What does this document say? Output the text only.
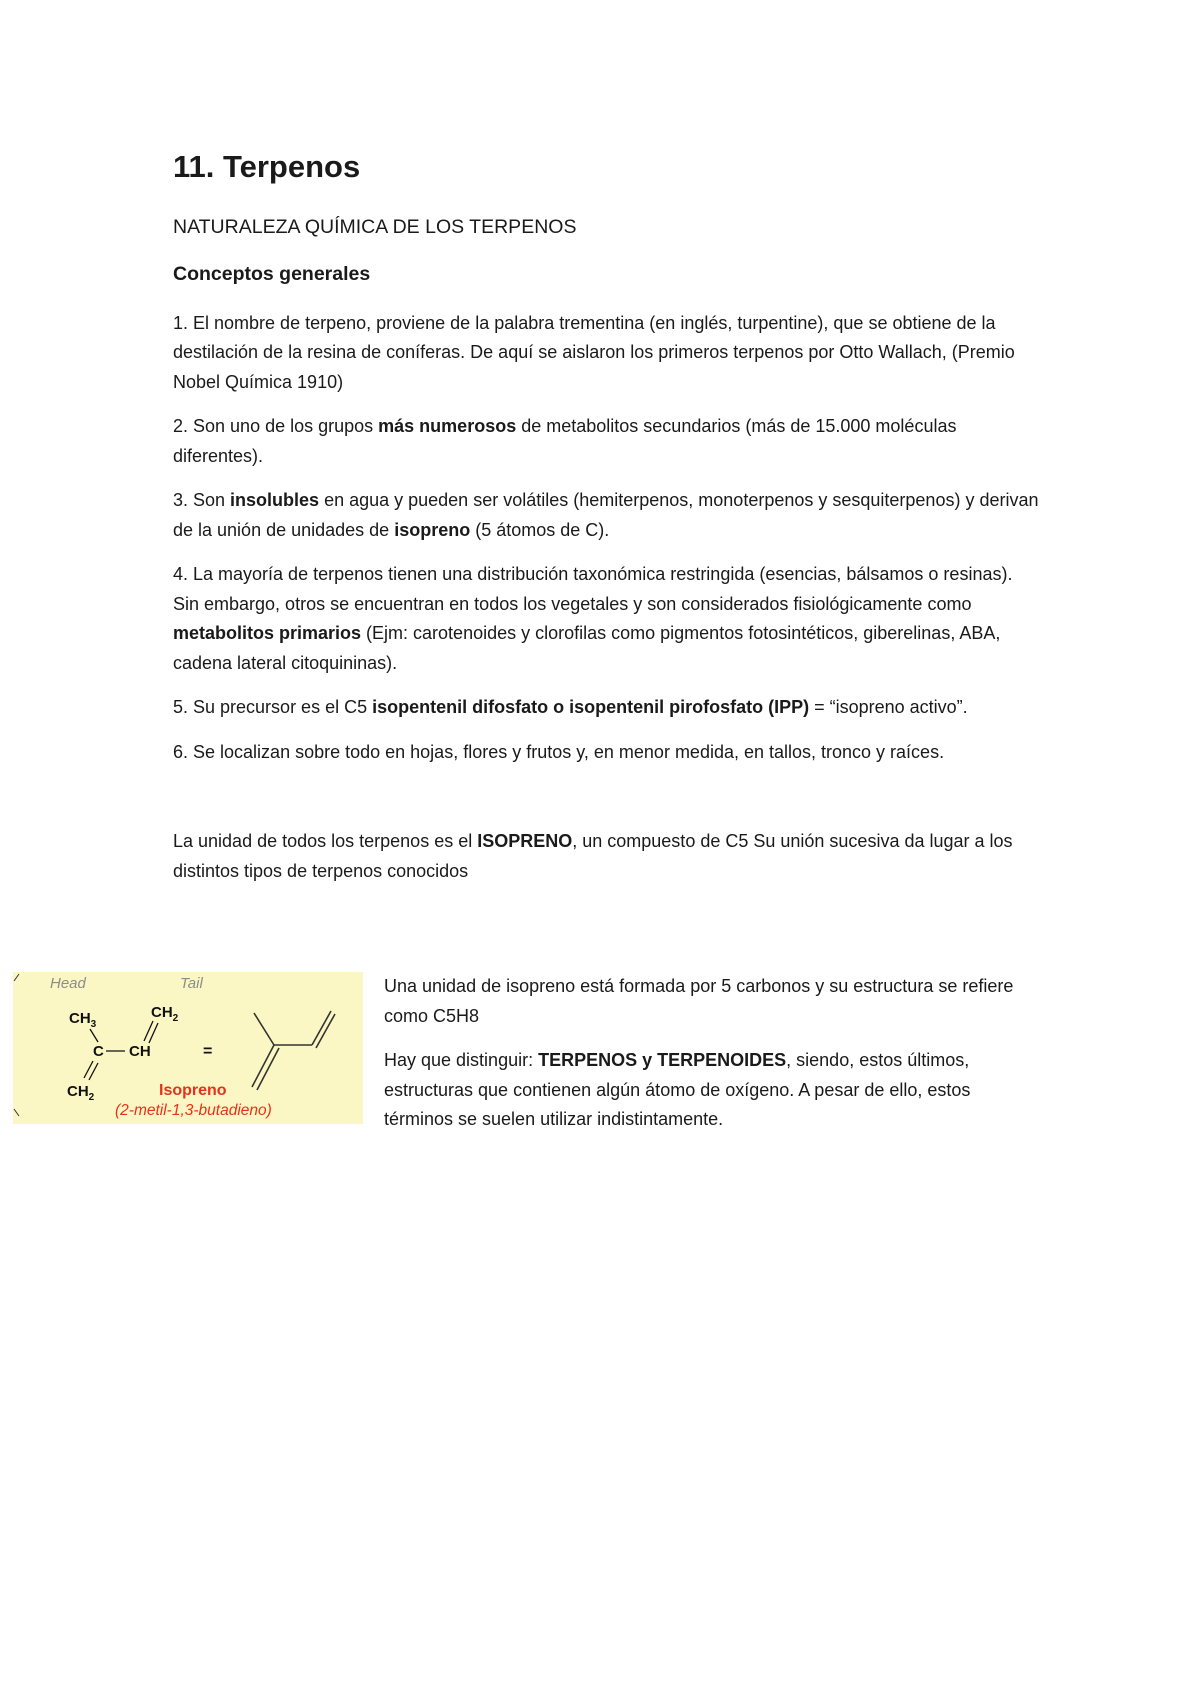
11. Terpenos
NATURALEZA QUÍMICA DE LOS TERPENOS
Conceptos generales

1. El nombre de terpeno, proviene de la palabra trementina (en inglés, turpentine), que se obtiene de la destilación de la resina de coníferas. De aquí se aislaron los primeros terpenos por Otto Wallach, (Premio Nobel Química 1910)

2. Son uno de los grupos más numerosos de metabolitos secundarios (más de 15.000 moléculas diferentes).

3. Son insolubles en agua y pueden ser volátiles (hemiterpenos, monoterpenos y sesquiterpenos) y derivan de la unión de unidades de isopreno (5 átomos de C).

4. La mayoría de terpenos tienen una distribución taxonómica restringida (esencias, bálsamos o resinas). Sin embargo, otros se encuentran en todos los vegetales y son considerados fisiológicamente como metabolitos primarios (Ejm: carotenoides y clorofilas como pigmentos fotosintéticos, giberelinas, ABA, cadena lateral citoquininas).

5. Su precursor es el C5 isopentenil difosfato o isopentenil pirofosfato (IPP) = “isopreno activo”.

6. Se localizan sobre todo en hojas, flores y frutos y, en menor medida, en tallos, tronco y raíces.

La unidad de todos los terpenos es el ISOPRENO, un compuesto de C5 Su unión sucesiva da lugar a los distintos tipos de terpenos conocidos

Head	Tail
$CH_3$
$CH_2$
C CH
$CH_2$
=
Isopreno
(2-metil-1,3-butadieno)

Una unidad de isopreno está formada por 5 carbonos y su estructura se refiere como C5H8

Hay que distinguir: TERPENOS y TERPENOIDES, siendo, estos últimos, estructuras que contienen algún átomo de oxígeno. A pesar de ello, estos términos se suelen utilizar indistintamente.
